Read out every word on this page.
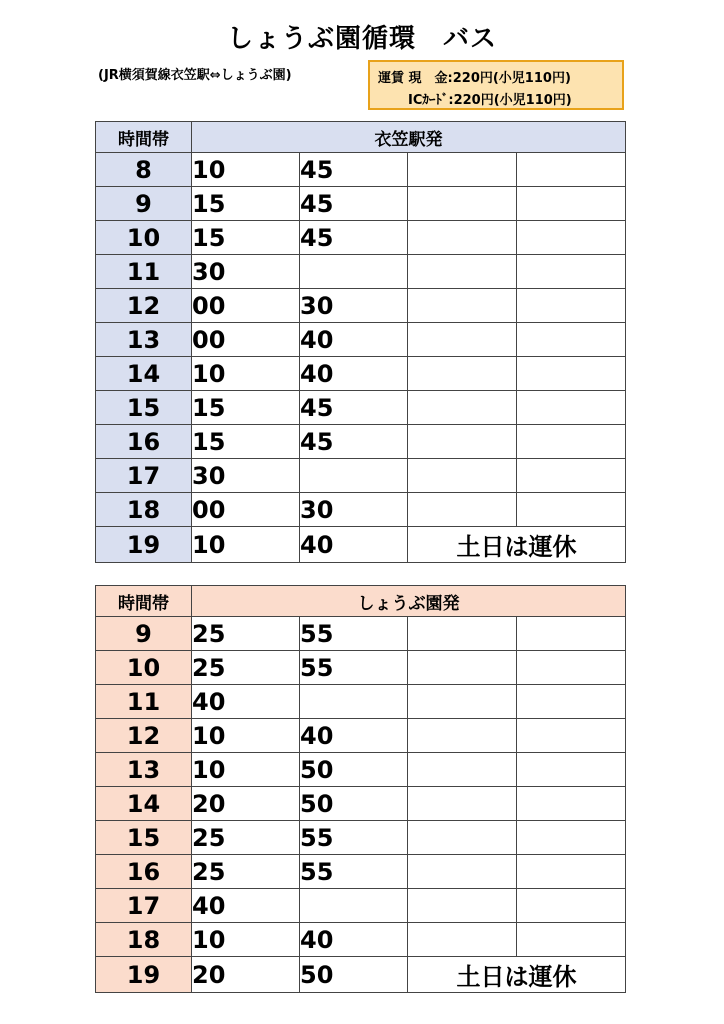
しょうぶ園循環　バス
(JR横須賀線衣笠駅⇔しょうぶ園)	運賃 現　金:220円(小児110円)
ICｶｰﾄﾞ:220円(小児110円)
時間帯	衣笠駅発			
8	10	45		
9	15	45		
10	15	45		
11	30			
12	00	30		
13	00	40		
14	10	40		
15	15	45		
16	15	45		
17	30			
18	00	30		
19	10	40	土日は運休	
時間帯	しょうぶ園発			
9	25	55		
10	25	55		
11	40			
12	10	40		
13	10	50		
14	20	50		
15	25	55		
16	25	55		
17	40			
18	10	40		
19	20	50	土日は運休	
